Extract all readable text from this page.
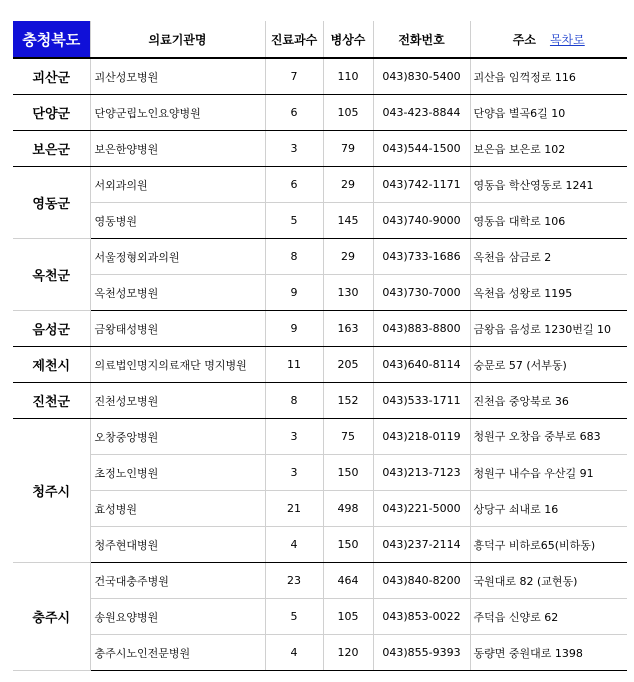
충청북도	의료기관명	진료과수	병상수	전화번호	주소 목차로
괴산군	괴산성모병원	7	110	043)830-5400	괴산읍 임꺽정로 116
단양군	단양군립노인요양병원	6	105	043-423-8844	단양읍 별곡6길 10
보은군	보은한양병원	3	79	043)544-1500	보은읍 보은로 102
영동군	서외과의원	6	29	043)742-1171	영동읍 학산영동로 1241
	영동병원	5	145	043)740-9000	영동읍 대학로 106
옥천군	서울정형외과의원	8	29	043)733-1686	옥천읍 삼금로 2
	옥천성모병원	9	130	043)730-7000	옥천읍 성왕로 1195
음성군	금왕태성병원	9	163	043)883-8800	금왕읍 음성로 1230번길 10
제천시	의료법인명지의료재단 명지병원	11	205	043)640-8114	숭문로 57 (서부동)
진천군	진천성모병원	8	152	043)533-1711	진천읍 중앙북로 36
청주시	오창중앙병원	3	75	043)218-0119	청원구 오창읍 중부로 683
	초정노인병원	3	150	043)213-7123	청원구 내수읍 우산길 91
	효성병원	21	498	043)221-5000	상당구 쇠내로 16
	청주현대병원	4	150	043)237-2114	흥덕구 비하로65(비하동)
충주시	건국대충주병원	23	464	043)840-8200	국원대로 82 (교현동)
	송원요양병원	5	105	043)853-0022	주덕읍 신양로 62
	충주시노인전문병원	4	120	043)855-9393	동량면 중원대로 1398
